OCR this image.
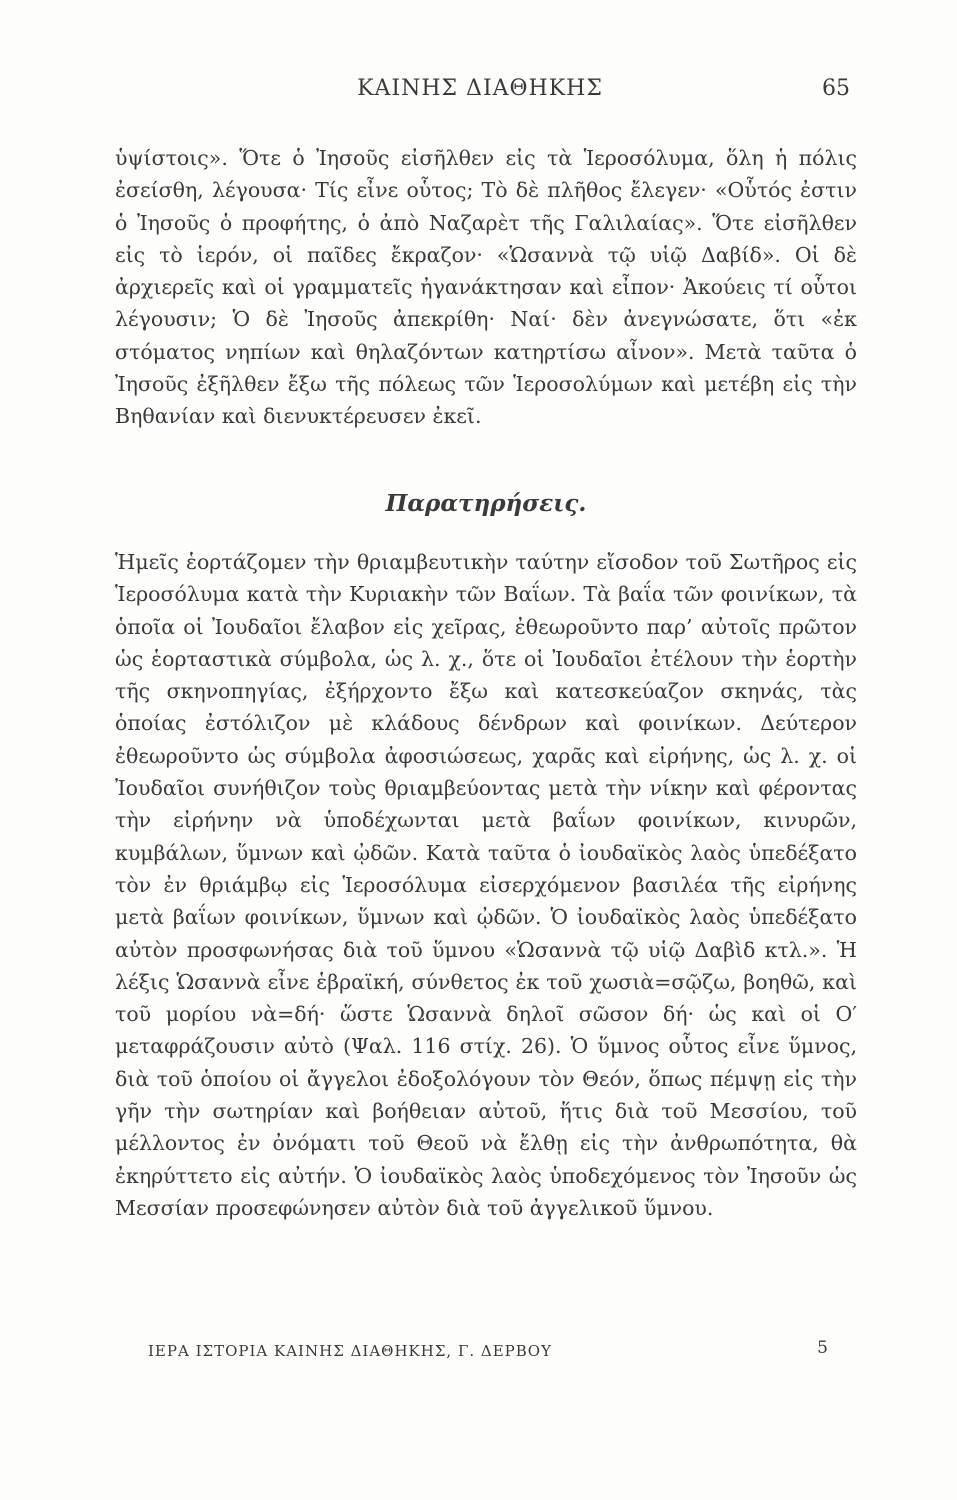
ΚΑΙΝΗΣ ΔΙΑΘΗΚΗΣ	65

ὑψίστοις». Ὅτε ὁ Ἰησοῦς εἰσῆλθεν εἰς τὰ Ἱεροσόλυμα, ὅλη ἡ πόλις ἐσείσθη, λέγουσα· Τίς εἶνε οὗτος; Τὸ δὲ πλῆθος ἔλεγεν· «Οὗτός ἐστιν ὁ Ἰησοῦς ὁ προφήτης, ὁ ἀπὸ Ναζαρὲτ τῆς Γαλιλαίας». Ὅτε εἰσῆλθεν εἰς τὸ ἱερόν, οἱ παῖδες ἔκραζον· «Ὡσαννὰ τῷ υἱῷ Δαβίδ». Οἱ δὲ ἀρχιερεῖς καὶ οἱ γραμματεῖς ἠγανάκτησαν καὶ εἶπον· Ἀκούεις τί οὗτοι λέγουσιν; Ὁ δὲ Ἰησοῦς ἀπεκρίθη· Ναί· δὲν ἀνεγνώσατε, ὅτι «ἐκ στόματος νηπίων καὶ θηλαζόντων κατηρτίσω αἶνον». Μετὰ ταῦτα ὁ Ἰησοῦς ἐξῆλθεν ἔξω τῆς πόλεως τῶν Ἱεροσολύμων καὶ μετέβη εἰς τὴν Βηθανίαν καὶ διενυκτέρευσεν ἐκεῖ.

Παρατηρήσεις.

Ἡμεῖς ἑορτάζομεν τὴν θριαμβευτικὴν ταύτην εἴσοδον τοῦ Σωτῆρος εἰς Ἱεροσόλυμα κατὰ τὴν Κυριακὴν τῶν Βαΐων. Τὰ βαΐα τῶν φοινίκων, τὰ ὁποῖα οἱ Ἰουδαῖοι ἔλαβον εἰς χεῖρας, ἐθεωροῦντο παρ’ αὐτοῖς πρῶτον ὡς ἑορταστικὰ σύμβολα, ὡς λ. χ., ὅτε οἱ Ἰουδαῖοι ἐτέλουν τὴν ἑορτὴν τῆς σκηνοπηγίας, ἐξήρχοντο ἔξω καὶ κατεσκεύαζον σκηνάς, τὰς ὁποίας ἐστόλιζον μὲ κλάδους δένδρων καὶ φοινίκων. Δεύτερον ἐθεωροῦντο ὡς σύμβολα ἀφοσιώσεως, χαρᾶς καὶ εἰρήνης, ὡς λ. χ. οἱ Ἰουδαῖοι συνήθιζον τοὺς θριαμβεύοντας μετὰ τὴν νίκην καὶ φέροντας τὴν εἰρήνην νὰ ὑποδέχωνται μετὰ βαΐων φοινίκων, κινυρῶν, κυμβάλων, ὕμνων καὶ ᾠδῶν. Κατὰ ταῦτα ὁ ἰουδαϊκὸς λαὸς ὑπεδέξατο τὸν ἐν θριάμβῳ εἰς Ἱεροσόλυμα εἰσερχόμενον βασιλέα τῆς εἰρήνης μετὰ βαΐων φοινίκων, ὕμνων καὶ ᾠδῶν. Ὁ ἰουδαϊκὸς λαὸς ὑπεδέξατο αὐτὸν προσφωνήσας διὰ τοῦ ὕμνου «Ὡσαννὰ τῷ υἱῷ Δαβὶδ κτλ.». Ἡ λέξις Ὡσαννὰ εἶνε ἑβραϊκή, σύνθετος ἐκ τοῦ χωσιὰ=σῷζω, βοηθῶ, καὶ τοῦ μορίου νὰ=δή· ὥστε Ὡσαννὰ δηλοῖ σῶσον δή· ὡς καὶ οἱ Ο′ μεταφράζουσιν αὐτὸ (Ψαλ. 116 στίχ. 26). Ὁ ὕμνος οὗτος εἶνε ὕμνος, διὰ τοῦ ὁποίου οἱ ἄγγελοι ἐδοξολόγουν τὸν Θεόν, ὅπως πέμψῃ εἰς τὴν γῆν τὴν σωτηρίαν καὶ βοήθειαν αὐτοῦ, ἥτις διὰ τοῦ Μεσσίου, τοῦ μέλλοντος ἐν ὀνόματι τοῦ Θεοῦ νὰ ἔλθῃ εἰς τὴν ἀνθρωπότητα, θὰ ἐκηρύττετο εἰς αὐτήν. Ὁ ἰουδαϊκὸς λαὸς ὑποδεχόμενος τὸν Ἰησοῦν ὡς Μεσσίαν προσεφώνησεν αὐτὸν διὰ τοῦ ἀγγελικοῦ ὕμνου.

ΙΕΡΑ ΙΣΤΟΡΙΑ ΚΑΙΝΗΣ ΔΙΑΘΗΚΗΣ, Γ. ΔΕΡΒΟΥ	5
